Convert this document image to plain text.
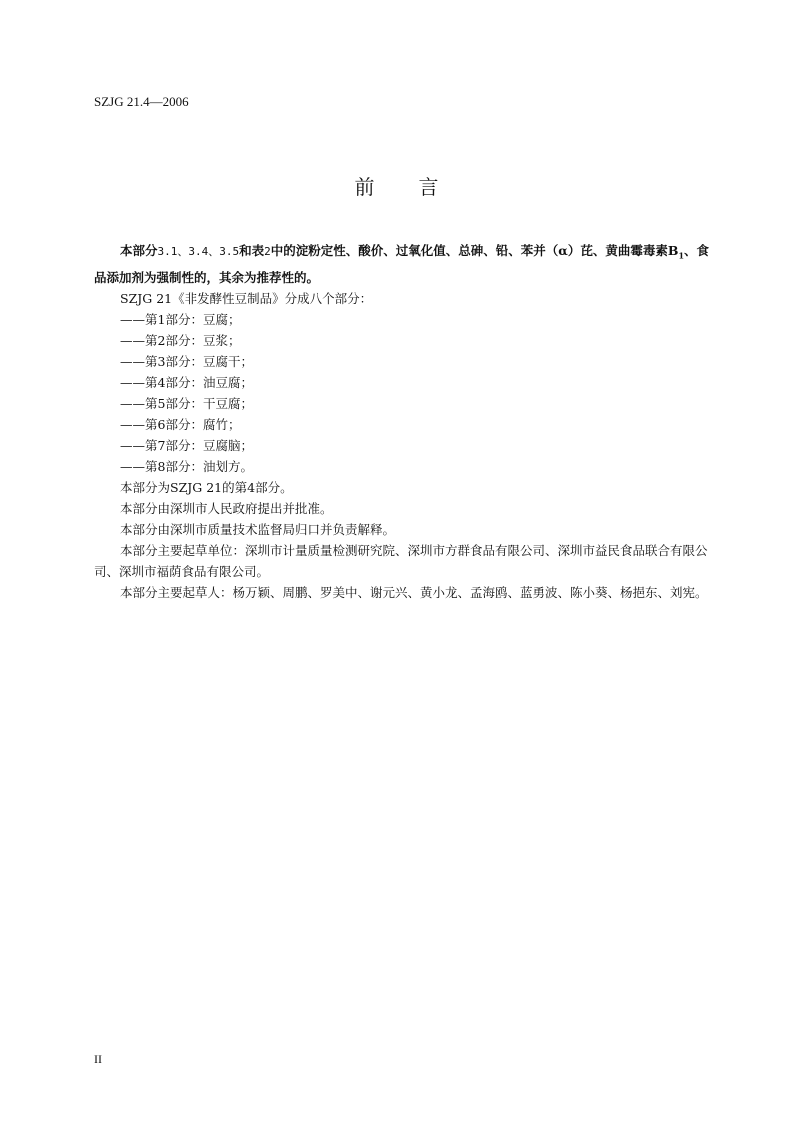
SZJG 21.4—2006
前 言

本部分3.1、3.4、3.5和表2中的淀粉定性、酸价、过氧化值、总砷、铅、苯并（α）芘、黄曲霉毒素$B_1$、食品添加剂为强制性的，其余为推荐性的。

SZJG 21《非发酵性豆制品》分成八个部分：

——第1部分：豆腐；

——第2部分：豆浆；

——第3部分：豆腐干；

——第4部分：油豆腐；

——第5部分：干豆腐；

——第6部分：腐竹；

——第7部分：豆腐脑；

——第8部分：油划方。

本部分为SZJG 21的第4部分。

本部分由深圳市人民政府提出并批准。

本部分由深圳市质量技术监督局归口并负责解释。

本部分主要起草单位：深圳市计量质量检测研究院、深圳市方群食品有限公司、深圳市益民食品联合有限公司、深圳市福荫食品有限公司。

本部分主要起草人：杨万颖、周鹏、罗美中、谢元兴、黄小龙、孟海鸥、蓝勇波、陈小葵、杨挹东、刘宪。

II
